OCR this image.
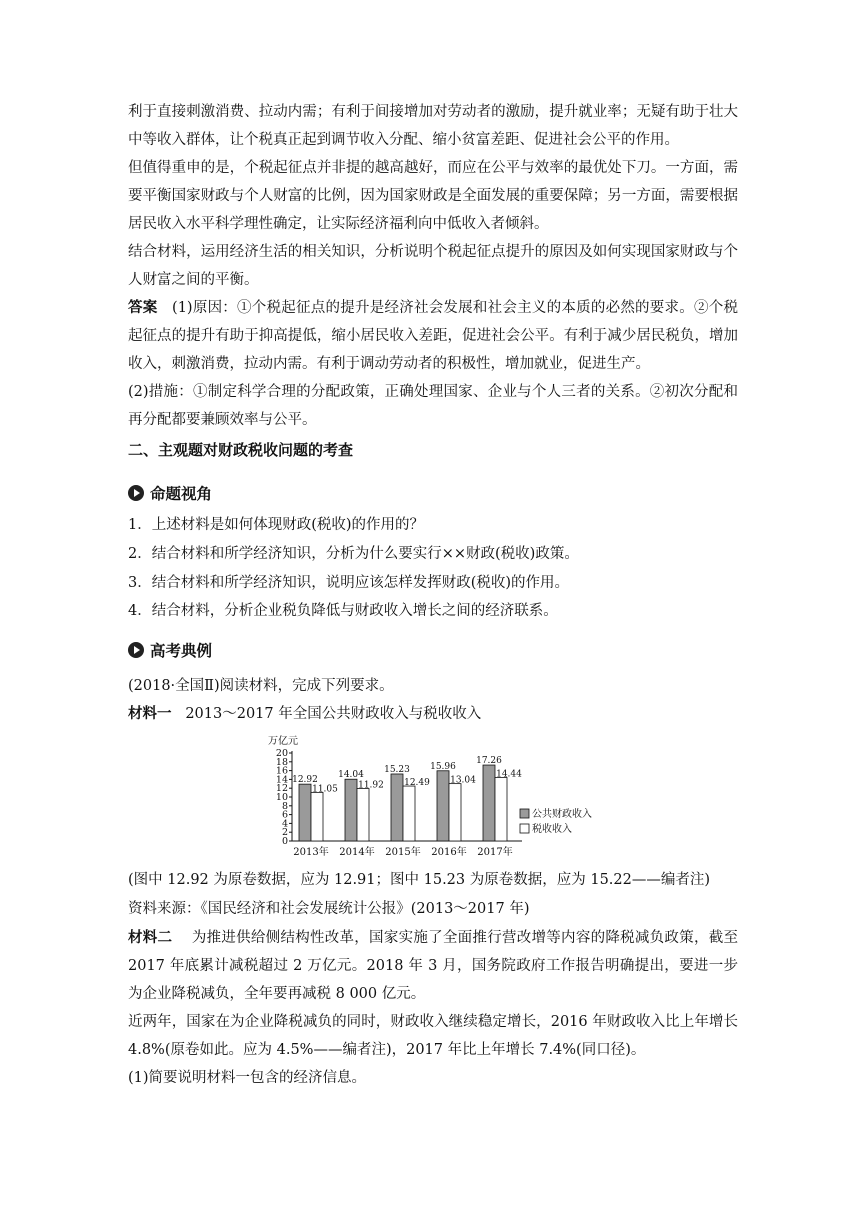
利于直接刺激消费、拉动内需；有利于间接增加对劳动者的激励，提升就业率；无疑有助于壮大中等收入群体，让个税真正起到调节收入分配、缩小贫富差距、促进社会公平的作用。

但值得重申的是，个税起征点并非提的越高越好，而应在公平与效率的最优处下刀。一方面，需要平衡国家财政与个人财富的比例，因为国家财政是全面发展的重要保障；另一方面，需要根据居民收入水平科学理性确定，让实际经济福利向中低收入者倾斜。

结合材料，运用经济生活的相关知识，分析说明个税起征点提升的原因及如何实现国家财政与个人财富之间的平衡。

答案 (1)原因：①个税起征点的提升是经济社会发展和社会主义的本质的必然的要求。②个税起征点的提升有助于抑高提低，缩小居民收入差距，促进社会公平。有利于减少居民税负，增加收入，刺激消费，拉动内需。有利于调动劳动者的积极性，增加就业，促进生产。

(2)措施：①制定科学合理的分配政策，正确处理国家、企业与个人三者的关系。②初次分配和再分配都要兼顾效率与公平。

二、主观题对财政税收问题的考查
命题视角
1．上述材料是如何体现财政(税收)的作用的？
2．结合材料和所学经济知识，分析为什么要实行××财政(税收)政策。
3．结合材料和所学经济知识，说明应该怎样发挥财政(税收)的作用。
4．结合材料，分析企业税负降低与财政收入增长之间的经济联系。
高考典例
(2018·全国Ⅱ)阅读材料，完成下列要求。
材料一 2013～2017 年全国公共财政收入与税收收入
万亿元
0
2
4
6
8
10
12
14
16
18
20
12.92
11.05
2013年
14.04
11.92
2014年
15.23
12.49
2015年
15.96
13.04
2016年
17.26
14.44
2017年
公共财政收入
税收收入
(图中 12.92 为原卷数据，应为 12.91；图中 15.23 为原卷数据，应为 15.22——编者注)
资料来源：《国民经济和社会发展统计公报》(2013～2017 年)

材料二 为推进供给侧结构性改革，国家实施了全面推行营改增等内容的降税减负政策，截至2017 年底累计减税超过 2 万亿元。2018 年 3 月，国务院政府工作报告明确提出，要进一步为企业降税减负，全年要再减税 8 000 亿元。

近两年，国家在为企业降税减负的同时，财政收入继续稳定增长，2016 年财政收入比上年增长4.8%(原卷如此。应为 4.5%——编者注)，2017 年比上年增长 7.4%(同口径)。

(1)简要说明材料一包含的经济信息。
